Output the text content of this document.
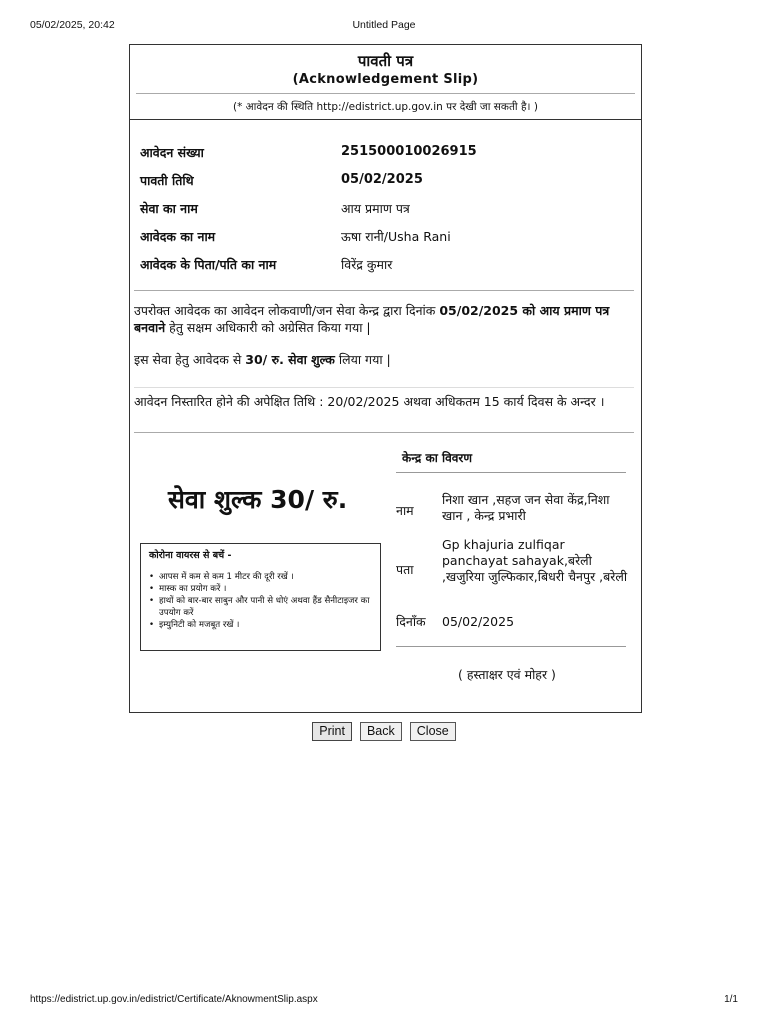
05/02/2025, 20:42	Untitled Page
पावती पत्र
(Acknowledgement Slip)
(* आवेदन की स्थिति http://edistrict.up.gov.in पर देखी जा सकती है। )
आवेदन संख्या	251500010026915
पावती तिथि	05/02/2025
सेवा का नाम	आय प्रमाण पत्र
आवेदक का नाम	ऊषा रानी/Usha Rani
आवेदक के पिता/पति का नाम	विरेंद्र कुमार
उपरोक्त आवेदक का आवेदन लोकवाणी/जन सेवा केन्द्र द्वारा दिनांक 05/02/2025 को आय प्रमाण पत्र बनवाने हेतु सक्षम अधिकारी को अग्रेसित किया गया |
इस सेवा हेतु आवेदक से 30/ रु. सेवा शुल्क लिया गया |
आवेदन निस्तारित होने की अपेक्षित तिथि : 20/02/2025 अथवा अधिकतम 15 कार्य दिवस के अन्दर ।
सेवा शुल्क 30/ रु.
कोरोना वायरस से बचें -
• आपस में कम से कम 1 मीटर की दूरी रखें ।
• मास्क का प्रयोग करें ।
• हाथों को बार-बार साबुन और पानी से धोएं अथवा हैंड सैनीटाइजर का उपयोग करें
• इम्युनिटी को मजबूत रखें ।
केन्द्र का विवरण
नाम
निशा खान ,सहज जन सेवा केंद्र,निशा खान , केन्द्र प्रभारी
पता
Gp khajuria zulfiqar panchayat sahayak,बरेली ,खजुरिया जुल्फिकार,बिधरी चैनपुर ,बरेली
दिनाँक 05/02/2025
( हस्ताक्षर एवं मोहर )
Print Back Close
https://edistrict.up.gov.in/edistrict/Certificate/AknowmentSlip.aspx	1/1
